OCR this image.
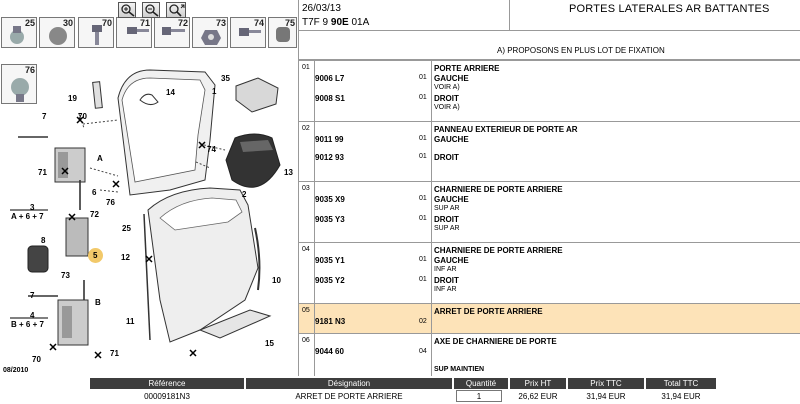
25	30	70	71	72	73	74 75
76
19
70
14	1
35
7
A
6
74
13
71
76
2
3
A + 6 + 7	72
8
25
12
73
5
11
10
7
B
4
B + 6 + 7
15
70
71
08/2010
26/03/13
T7F 9 90E 01A
PORTES LATERALES AR BATTANTES
A) PROPOSONS EN PLUS LOT DE FIXATION
01	PORTE ARRIERE
9006 L7	01 GAUCHE
VOIR A)
9008 S1	01 DROIT
VOIR A)
02	PANNEAU EXTERIEUR DE PORTE AR
9011 99	01 GAUCHE
9012 93	01 DROIT
03	CHARNIERE DE PORTE ARRIERE
9035 X9	01 GAUCHE
SUP AR
9035 Y3	01 DROIT
SUP AR
04	CHARNIERE DE PORTE ARRIERE
9035 Y1	01 GAUCHE
INF AR
9035 Y2	01 DROIT
INF AR
05	ARRET DE PORTE ARRIERE
9181 N3	02
06	AXE DE CHARNIERE DE PORTE
9044 60	04
SUP MAINTIEN
Référence	Désignation	Quantité	Prix HT	Prix TTC	Total TTC
00009181N3	ARRET DE PORTE ARRIERE	1	26,62 EUR	31,94 EUR	31,94 EUR
